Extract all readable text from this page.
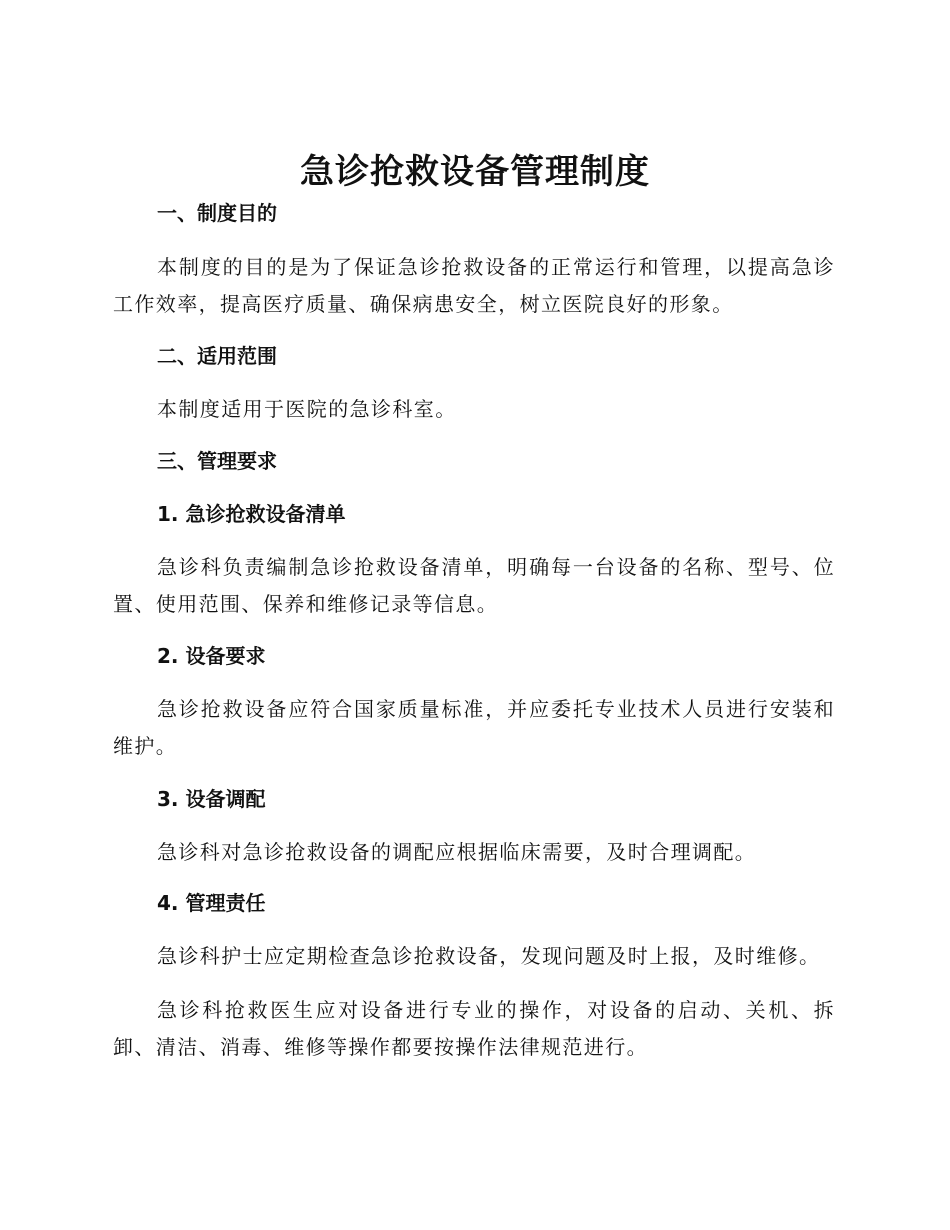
急诊抢救设备管理制度
一、制度目的

本制度的目的是为了保证急诊抢救设备的正常运行和管理，以提高急诊工作效率，提高医疗质量、确保病患安全，树立医院良好的形象。

二、适用范围

本制度适用于医院的急诊科室。

三、管理要求
1. 急诊抢救设备清单

急诊科负责编制急诊抢救设备清单，明确每一台设备的名称、型号、位置、使用范围、保养和维修记录等信息。

2. 设备要求

急诊抢救设备应符合国家质量标准，并应委托专业技术人员进行安装和维护。

3. 设备调配

急诊科对急诊抢救设备的调配应根据临床需要，及时合理调配。

4. 管理责任

急诊科护士应定期检查急诊抢救设备，发现问题及时上报，及时维修。

急诊科抢救医生应对设备进行专业的操作，对设备的启动、关机、拆卸、清洁、消毒、维修等操作都要按操作法律规范进行。
